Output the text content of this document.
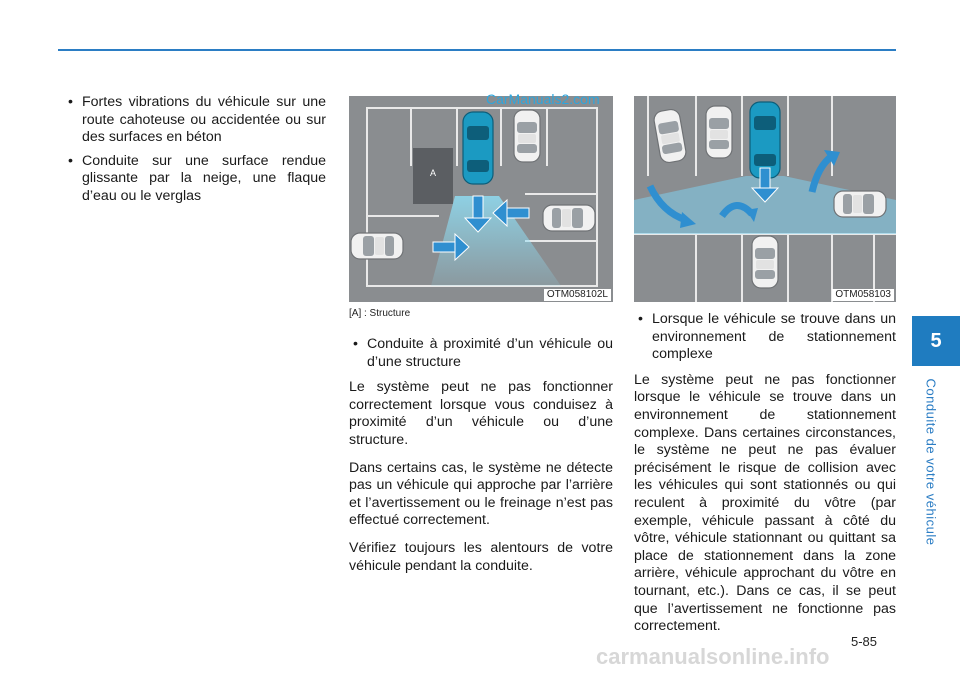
5
Conduite de votre véhicule
• Fortes vibrations du véhicule sur une route cahoteuse ou accidentée ou sur des surfaces en béton
• Conduite sur une surface rendue glissante par la neige, une flaque d’eau ou le verglas
A
OTM058102L
[A] : Structure
CarManuals2.com
OTM058103
• Conduite à proximité d’un véhicule ou d’une structure

Le système peut ne pas fonctionner correctement lorsque vous conduisez à proximité d’un véhicule ou d’une structure.

Dans certains cas, le système ne détecte pas un véhicule qui approche par l’arrière et l’avertissement ou le freinage n’est pas effectué correctement.

Vérifiez toujours les alentours de votre véhicule pendant la conduite.

• Lorsque le véhicule se trouve dans un environnement de stationnement complexe

Le système peut ne pas fonctionner lorsque le véhicule se trouve dans un environnement de stationnement complexe. Dans certaines circonstances, le système ne peut ne pas évaluer précisément le risque de collision avec les véhicules qui sont stationnés ou qui reculent à proximité du vôtre (par exemple, véhicule passant à côté du vôtre, véhicule stationnant ou quittant sa place de stationnement dans la zone arrière, véhicule approchant du vôtre en tournant, etc.). Dans ce cas, il se peut que l’avertissement ne fonctionne pas correctement.

5-85
carmanualsonline.info
